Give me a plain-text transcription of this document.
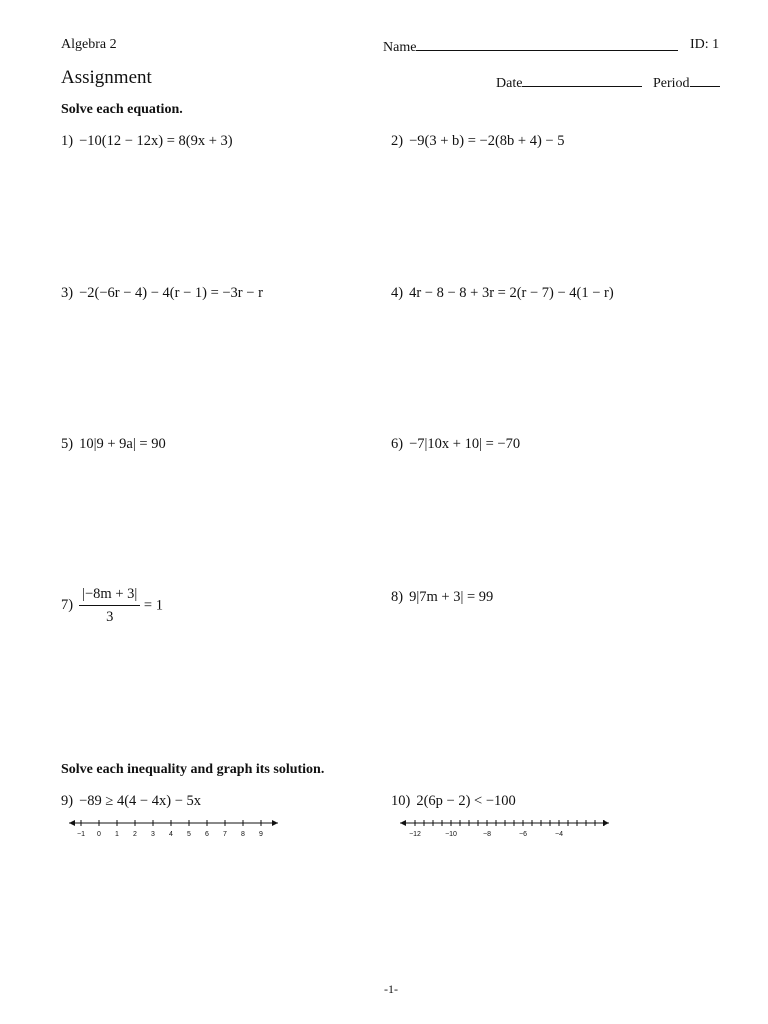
Algebra 2	Name	ID: 1
Assignment	Date	Period
Solve each equation.
1) −10(12 − 12x) = 8(9x + 3)	2) −9(3 + b) = −2(8b + 4) − 5
3) −2(−6r − 4) − 4(r − 1) = −3r − r	4) 4r − 8 − 8 + 3r = 2(r − 7) − 4(1 − r)
5) 10|9 + 9a| = 90	6) −7|10x + 10| = −70
$7) \frac{|-8m + 3|}{3} = 1$
8) 9|7m + 3| = 99
Solve each inequality and graph its solution.
9) −89 ≥ 4(4 − 4x) − 5x	10) 2(6p − 2) < −100
−1 0 1 2 3 4 5 6 7 8 9	−12	−10	−8	−6	−4
-1-
